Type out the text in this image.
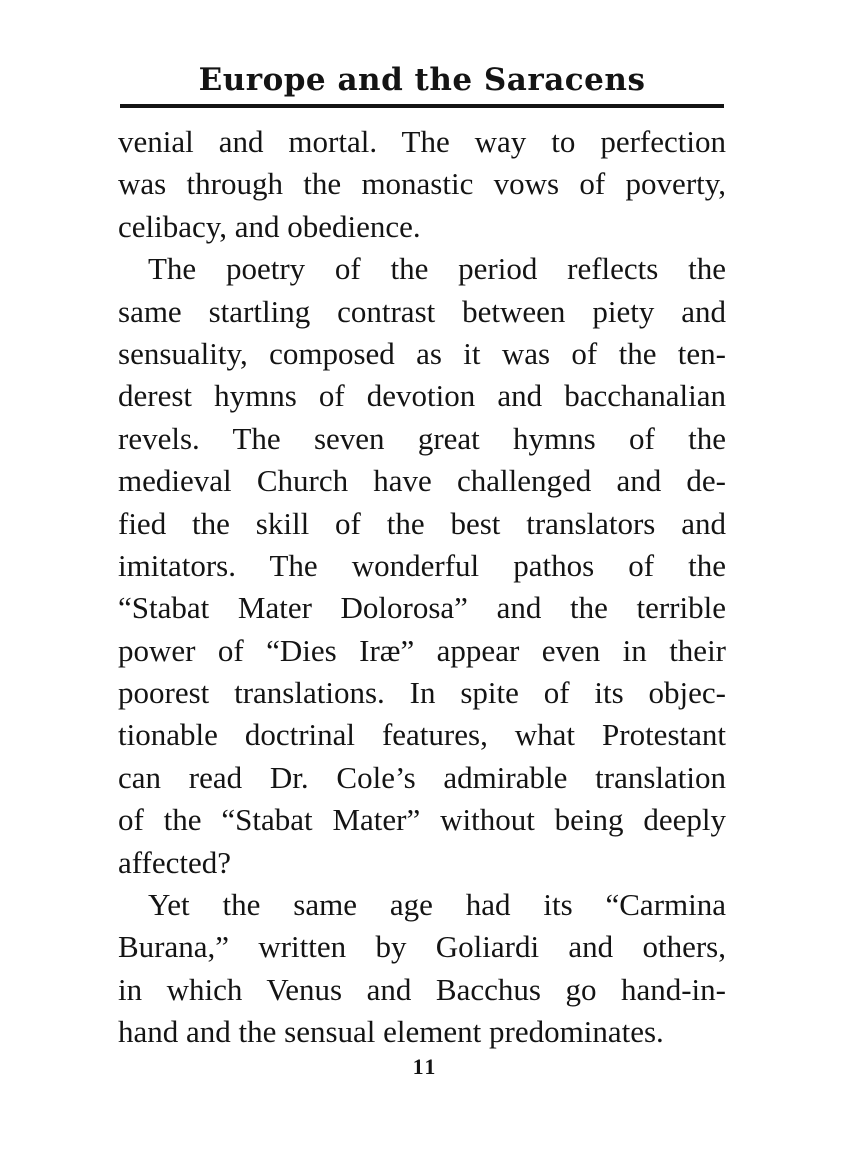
Europe and the Saracens
venial and mortal. The way to perfection
was through the monastic vows of poverty,
celibacy, and obedience.
The poetry of the period reflects the
same startling contrast between piety and
sensuality, composed as it was of the ten-
derest hymns of devotion and bacchanalian
revels. The seven great hymns of the
medieval Church have challenged and de-
fied the skill of the best translators and
imitators. The wonderful pathos of the
“Stabat Mater Dolorosa” and the terrible
power of “Dies Iræ” appear even in their
poorest translations. In spite of its objec-
tionable doctrinal features, what Protestant
can read Dr. Cole’s admirable translation
of the “Stabat Mater” without being deeply
affected?
Yet the same age had its “Carmina
Burana,” written by Goliardi and others,
in which Venus and Bacchus go hand-in-
hand and the sensual element predominates.
11
